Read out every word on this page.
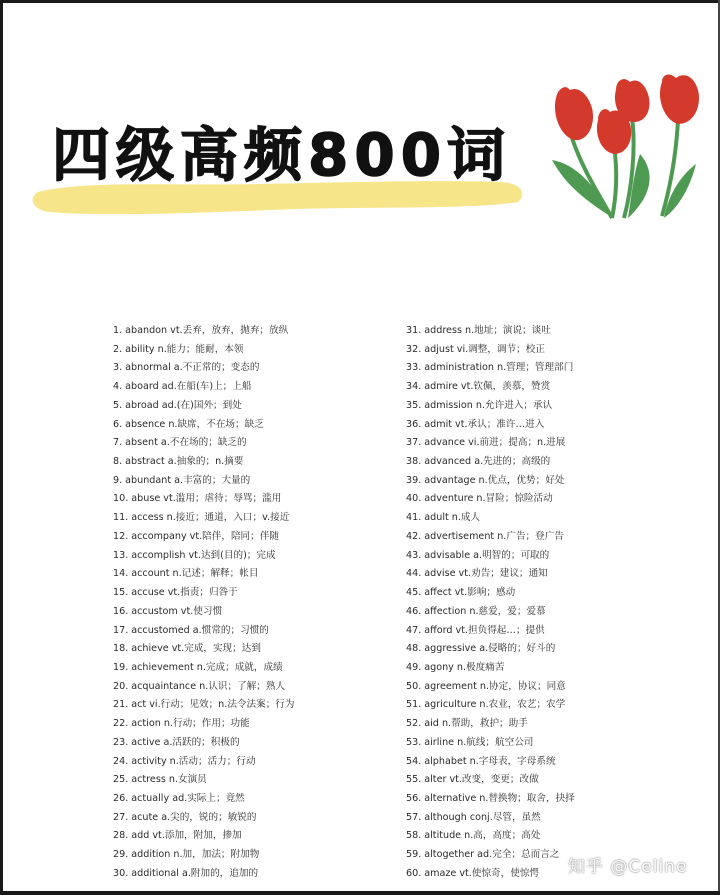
四级高频800词
1. abandon vt.丢弃，放弃，抛弃；放纵
2. ability n.能力；能耐，本领
3. abnormal a.不正常的；变态的
4. aboard ad.在船(车)上；上船
5. abroad ad.(在)国外；到处
6. absence n.缺席，不在场；缺乏
7. absent a.不在场的；缺乏的
8. abstract a.抽象的；n.摘要
9. abundant a.丰富的；大量的
10. abuse vt.滥用；虐待；辱骂；滥用
11. access n.接近；通道，入口；v.接近
12. accompany vt.陪伴，陪同；伴随
13. accomplish vt.达到(目的)；完成
14. account n.记述；解释；帐目
15. accuse vt.指责；归咎于
16. accustom vt.使习惯
17. accustomed a.惯常的；习惯的
18. achieve vt.完成，实现；达到
19. achievement n.完成；成就，成绩
20. acquaintance n.认识；了解；熟人
21. act vi.行动；见效；n.法令法案；行为
22. action n.行动；作用；功能
23. active a.活跃的；积极的
24. activity n.活动；活力；行动
25. actress n.女演员
26. actually ad.实际上；竟然
27. acute a.尖的，锐的；敏锐的
28. add vt.添加，附加，掺加
29. addition n.加，加法；附加物
30. additional a.附加的，追加的
31. address n.地址；演说；谈吐
32. adjust vi.调整，调节；校正
33. administration n.管理；管理部门
34. admire vt.钦佩，羡慕，赞赏
35. admission n.允许进入；承认
36. admit vt.承认；准许…进入
37. advance vi.前进；提高；n.进展
38. advanced a.先进的；高级的
39. advantage n.优点，优势；好处
40. adventure n.冒险；惊险活动
41. adult n.成人
42. advertisement n.广告；登广告
43. advisable a.明智的；可取的
44. advise vt.劝告；建议；通知
45. affect vt.影响；感动
46. affection n.慈爱，爱；爱慕
47. afford vt.担负得起…；提供
48. aggressive a.侵略的；好斗的
49. agony n.极度痛苦
50. agreement n.协定，协议；同意
51. agriculture n.农业，农艺；农学
52. aid n.帮助，救护；助手
53. airline n.航线；航空公司
54. alphabet n.字母表，字母系统
55. alter vt.改变，变更；改做
56. alternative n.替换物；取舍，抉择
57. although conj.尽管，虽然
58. altitude n.高，高度；高处
59. altogether ad.完全；总而言之
60. amaze vt.使惊奇，使惊愕	知乎 @Celine
